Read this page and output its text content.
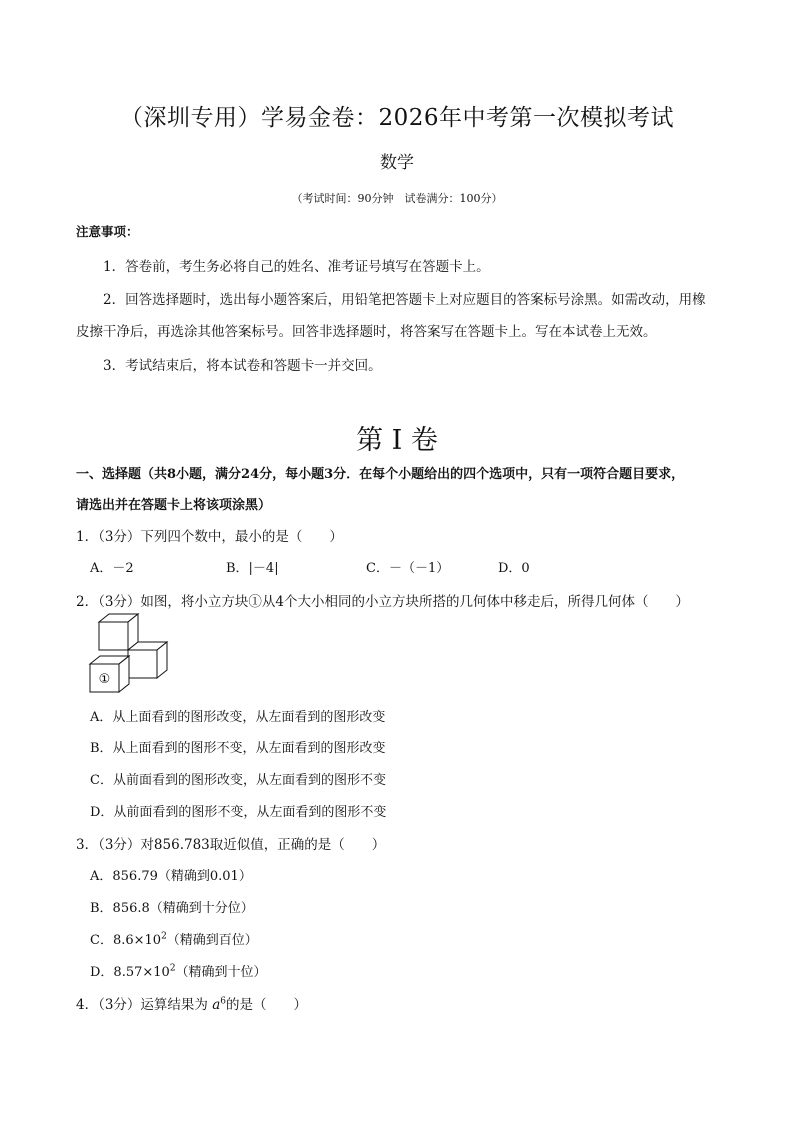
（深圳专用）学易金卷：2026年中考第一次模拟考试
数学
（考试时间：90分钟　试卷满分：100分）
注意事项：
1．答卷前，考生务必将自己的姓名、准考证号填写在答题卡上。
2．回答选择题时，选出每小题答案后，用铅笔把答题卡上对应题目的答案标号涂黑。如需改动，用橡
皮擦干净后，再选涂其他答案标号。回答非选择题时，将答案写在答题卡上。写在本试卷上无效。
3．考试结束后，将本试卷和答题卡一并交回。
第 I 卷
一、选择题（共8小题，满分24分，每小题3分．在每个小题给出的四个选项中，只有一项符合题目要求，
请选出并在答题卡上将该项涂黑）
1．（3分）下列四个数中，最小的是（　　）
A．－2	B．|－4|	C．－（－1）	D．0
2．（3分）如图，将小立方块①从4个大小相同的小立方块所搭的几何体中移走后，所得几何体（　　）
①
A．从上面看到的图形改变，从左面看到的图形改变
B．从上面看到的图形不变，从左面看到的图形改变
C．从前面看到的图形改变，从左面看到的图形不变
D．从前面看到的图形不变，从左面看到的图形不变
3．（3分）对856.783取近似值，正确的是（　　）
A．856.79（精确到0.01）
B．856.8（精确到十分位）
C．$8.6\times 10^2$（精确到百位）
D．$8.57\times 10^2$（精确到十位）
4．（3分）运算结果为 $a^6$的是（　　）
